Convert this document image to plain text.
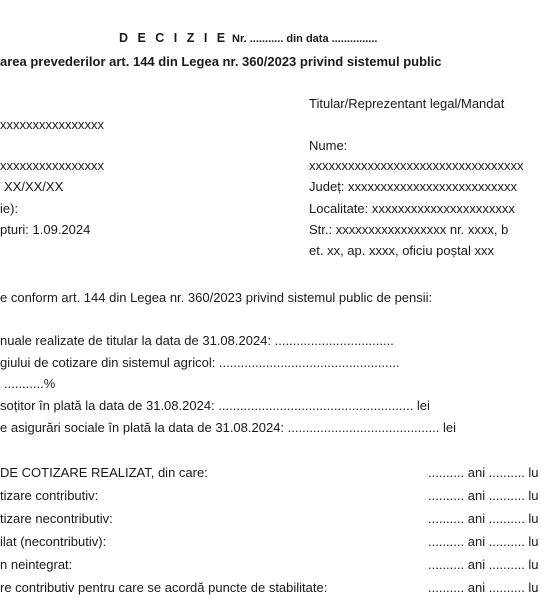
D E C I Z I E Nr. ........... din data ...............
area prevederilor art. 144 din Legea nr. 360/2023 privind sistemul public
xxxxxxxxxxxxxxxx
xxxxxxxxxxxxxxxx
XX/XX/XX
ie):
pturi: 1.09.2024
Titular/Reprezentant legal/Mandat
Nume:
xxxxxxxxxxxxxxxxxxxxxxxxxxxxxxxxx
Județ: xxxxxxxxxxxxxxxxxxxxxxxxxx
Localitate: xxxxxxxxxxxxxxxxxxxxxx
Str.: xxxxxxxxxxxxxxxxx nr. xxxx, b
et. xx, ap. xxxx, oficiu poștal xxx
e conform art. 144 din Legea nr. 360/2023 privind sistemul public de pensii:
nuale realizate de titular la data de 31.08.2024: .................................
giului de cotizare din sistemul agricol: ..................................................
...........%
soțitor în plată la data de 31.08.2024: ...................................................... lei
e asigurări sociale în plată la data de 31.08.2024: .......................................... lei
DE COTIZARE REALIZAT, din care:	.......... ani .......... lu
tizare contributiv:	.......... ani .......... lu
tizare necontributiv:	.......... ani .......... lu
ilat (necontributiv):	.......... ani .......... lu
n neintegrat:	.......... ani .......... lu
re contributiv pentru care se acordă puncte de stabilitate:	.......... ani .......... lu
